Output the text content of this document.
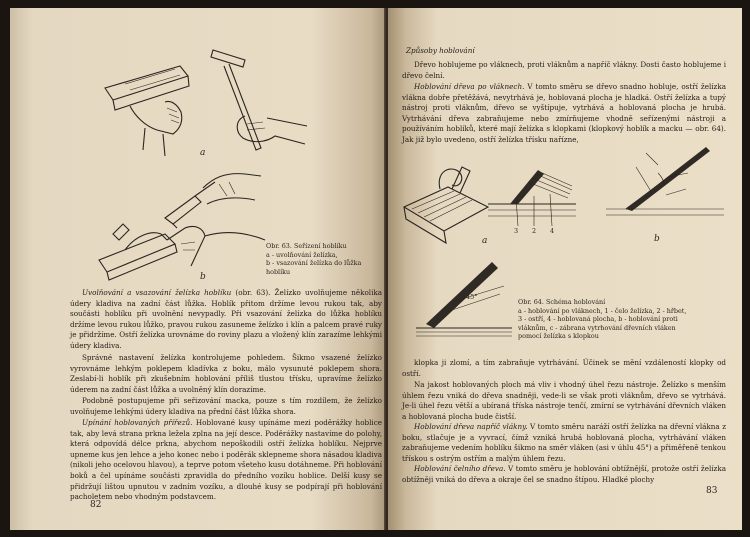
a
b
Obr. 63. Seřízení hoblíku
a - uvolňování želízka,
b - vsazování želízka do lůžka hoblíku
Uvolňování a vsazování želízka hoblíku (obr. 63). Želízko uvolňujeme několika údery kladiva na zadní část lůžka. Hoblík přitom držíme levou rukou tak, aby součásti hoblíku při uvolnění nevypadly. Při vsazování želízka do lůžka hoblíku držíme levou rukou lůžko, pravou rukou zasuneme želízko i klín a palcem pravé ruky je přidržíme. Ostří želízka urovnáme do roviny plazu a vložený klín zarazíme lehkými údery kladiva.
Správné nastavení želízka kontrolujeme pohledem. Šikmo vsazené želízko vyrovnáme lehkým poklepem kladívka z boku, málo vysunuté poklepem shora. Zeslabí-li hoblík při zkušebním hoblování příliš tlustou třísku, upravíme želízko úderem na zadní část lůžka a uvolněný klín dorazíme.
Podobně postupujeme při seřizování macka, pouze s tím rozdílem, že želízko uvolňujeme lehkými údery kladiva na přední část lůžka shora.
Upínání hoblovaných přířezů. Hoblované kusy upínáme mezi poděrážky hoblice tak, aby levá strana prkna ležela zplna na její desce. Poděrážky nastavíme do polohy, která odpovídá délce prkna, abychom nepoškodili ostří želízka hoblíku. Nejprve upneme kus jen lehce a jeho konec nebo i poděrák sklepneme shora násadou kladiva (nikoli jeho ocelovou hlavou), a teprve potom všeteho kusu dotáhneme. Při hoblování boků a čel upínáme součásti zpravidla do předního vozíku hoblice. Delší kusy se přidržují lištou upnutou v zadním vozíku, a dlouhé kusy se podpírají při hoblování pacholetem nebo vhodným podstavcem.
82
Způsoby hoblování
Dřevo hoblujeme po vláknech, proti vláknům a napříč vlákny. Dosti často hoblujeme i dřevo čelní.
Hoblování dřeva po vláknech. V tomto směru se dřevo snadno hobluje, ostří želízka vlákna dobře přetěžává, nevytrhává je, hoblovaná plocha je hladká. Ostří želízka a tupý nástroj proti vláknům, dřevo se vyštípuje, vytrhává a hoblovaná plocha je hrubá. Vytrhávání dřeva zabraňujeme nebo zmírňujeme vhodně seřízenými nástroji a používáním hoblíků, které mají želízka s klopkami (klopkový hoblík a macku — obr. 64). Jak již bylo uvedeno, ostří želízka třísku nařízne,
3 2 4
a	b
45°
Obr. 64. Schéma hoblování
a - hoblování po vláknech, 1 - čelo želízka, 2 - hřbet,
3 - ostří, 4 - hoblovaná plocha, b - hoblování proti
vláknům, c - zábrana vytrhování dřevních vláken
pomocí želízka s klopkou
klopka ji zlomí, a tím zabraňuje vytrhávání. Účinek se mění vzdáleností klopky od ostří.
Na jakost hoblovaných ploch má vliv i vhodný úhel řezu nástroje. Želízko s menším úhlem řezu vniká do dřeva snadněji, vede-li se však proti vláknům, dřevo se vytrhává. Je-li úhel řezu větší a ubíraná tříska nástroje tenčí, zmírní se vytrhávání dřevních vláken a hoblovaná plocha bude čistší.
Hoblování dřeva napříč vlákny. V tomto směru naráží ostří želízka na dřevní vlákna z boku, stlačuje je a vyvrací, čímž vzniká hrubá hoblovaná plocha, vytrhávání vláken zabraňujeme vedením hoblíku šikmo na směr vláken (asi v úhlu 45°) a přiměřeně tenkou třískou s ostrým ostřím a malým úhlem řezu.
Hoblování čelního dřeva. V tomto směru je hoblování obtížnější, protože ostří želízka obtížněji vniká do dřeva a okraje čel se snadno štípou. Hladké plochy
83
